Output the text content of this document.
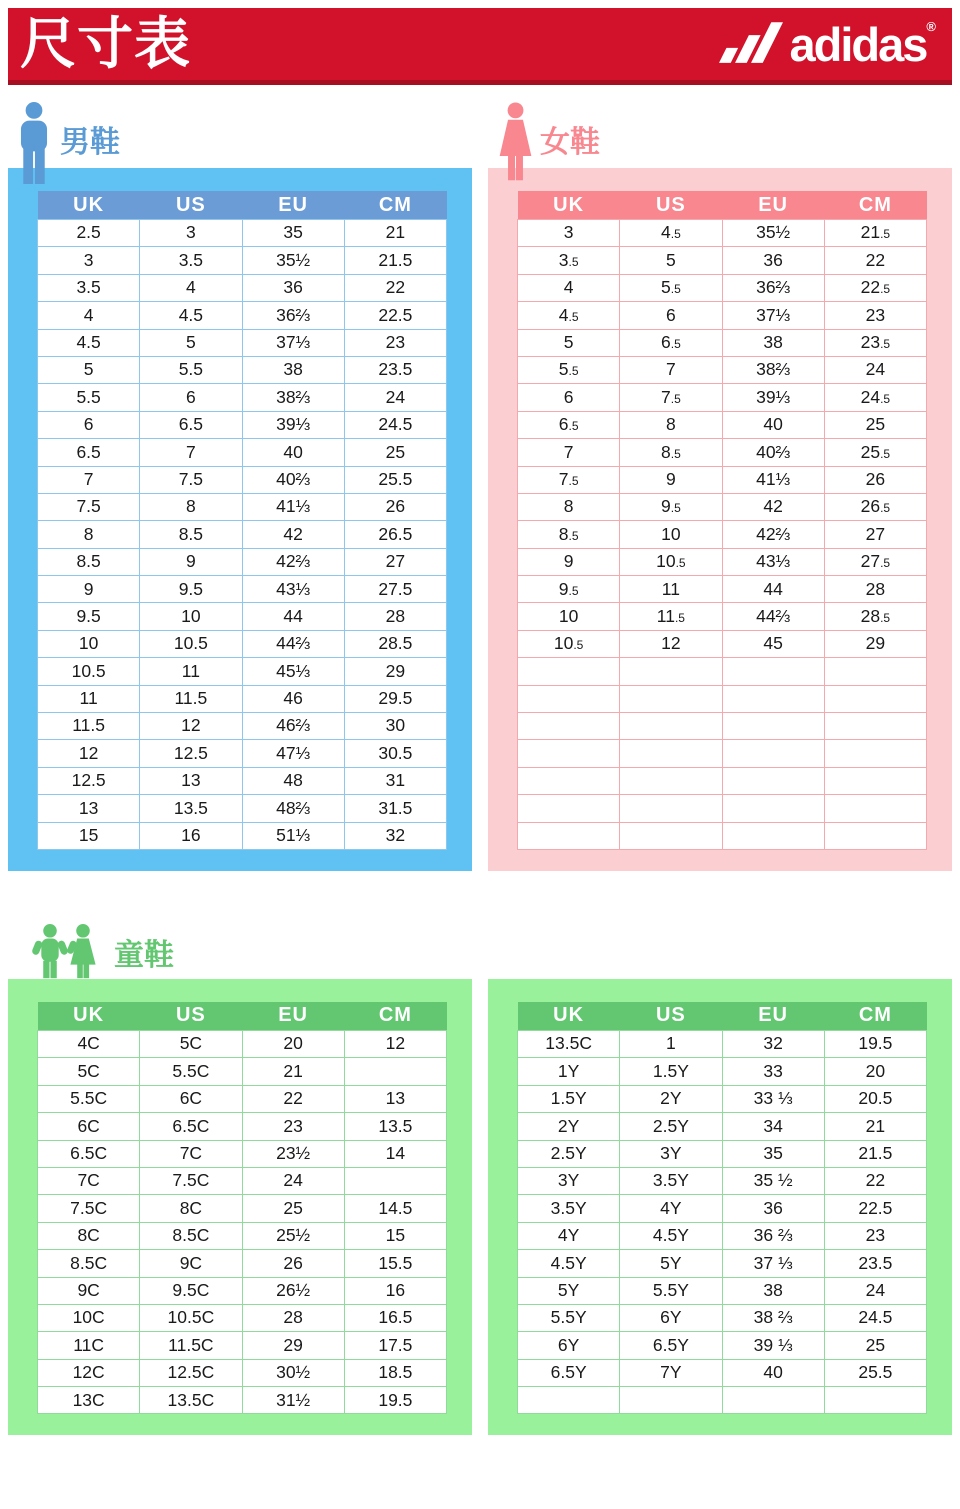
尺寸表	adidas ®
男鞋
UK	US	EU	CM
2.5	3	35	21
3	3.5	35½	21.5
3.5	4	36	22
4	4.5	36⅔	22.5
4.5	5	37⅓	23
5	5.5	38	23.5
5.5	6	38⅔	24
6	6.5	39⅓	24.5
6.5	7	40	25
7	7.5	40⅔	25.5
7.5	8	41⅓	26
8	8.5	42	26.5
8.5	9	42⅔	27
9	9.5	43⅓	27.5
9.5	10	44	28
10	10.5	44⅔	28.5
10.5	11	45⅓	29
11	11.5	46	29.5
11.5	12	46⅔	30
12	12.5	47⅓	30.5
12.5	13	48	31
13	13.5	48⅔	31.5
15	16	51⅓	32
女鞋
UK	US	EU	CM
3	4.5	35½	21.5
3.5	5	36	22
4	5.5	36⅔	22.5
4.5	6	37⅓	23
5	6.5	38	23.5
5.5	7	38⅔	24
6	7.5	39⅓	24.5
6.5	8	40	25
7	8.5	40⅔	25.5
7.5	9	41⅓	26
8	9.5	42	26.5
8.5	10	42⅔	27
9	10.5	43⅓	27.5
9.5	11	44	28
10	11.5	44⅔	28.5
10.5	12	45	29

童鞋
UK	US	EU	CM
4C	5C	20	12
5C	5.5C	21	
5.5C	6C	22	13
6C	6.5C	23	13.5
6.5C	7C	23½	14
7C	7.5C	24	
7.5C	8C	25	14.5
8C	8.5C	25½	15
8.5C	9C	26	15.5
9C	9.5C	26½	16
10C	10.5C	28	16.5
11C	11.5C	29	17.5
12C	12.5C	30½	18.5
13C	13.5C	31½	19.5
UK	US	EU	CM
13.5C	1	32	19.5
1Y	1.5Y	33	20
1.5Y	2Y	33 ⅓	20.5
2Y	2.5Y	34	21
2.5Y	3Y	35	21.5
3Y	3.5Y	35 ½	22
3.5Y	4Y	36	22.5
4Y	4.5Y	36 ⅔	23
4.5Y	5Y	37 ⅓	23.5
5Y	5.5Y	38	24
5.5Y	6Y	38 ⅔	24.5
6Y	6.5Y	39 ⅓	25
6.5Y	7Y	40	25.5
